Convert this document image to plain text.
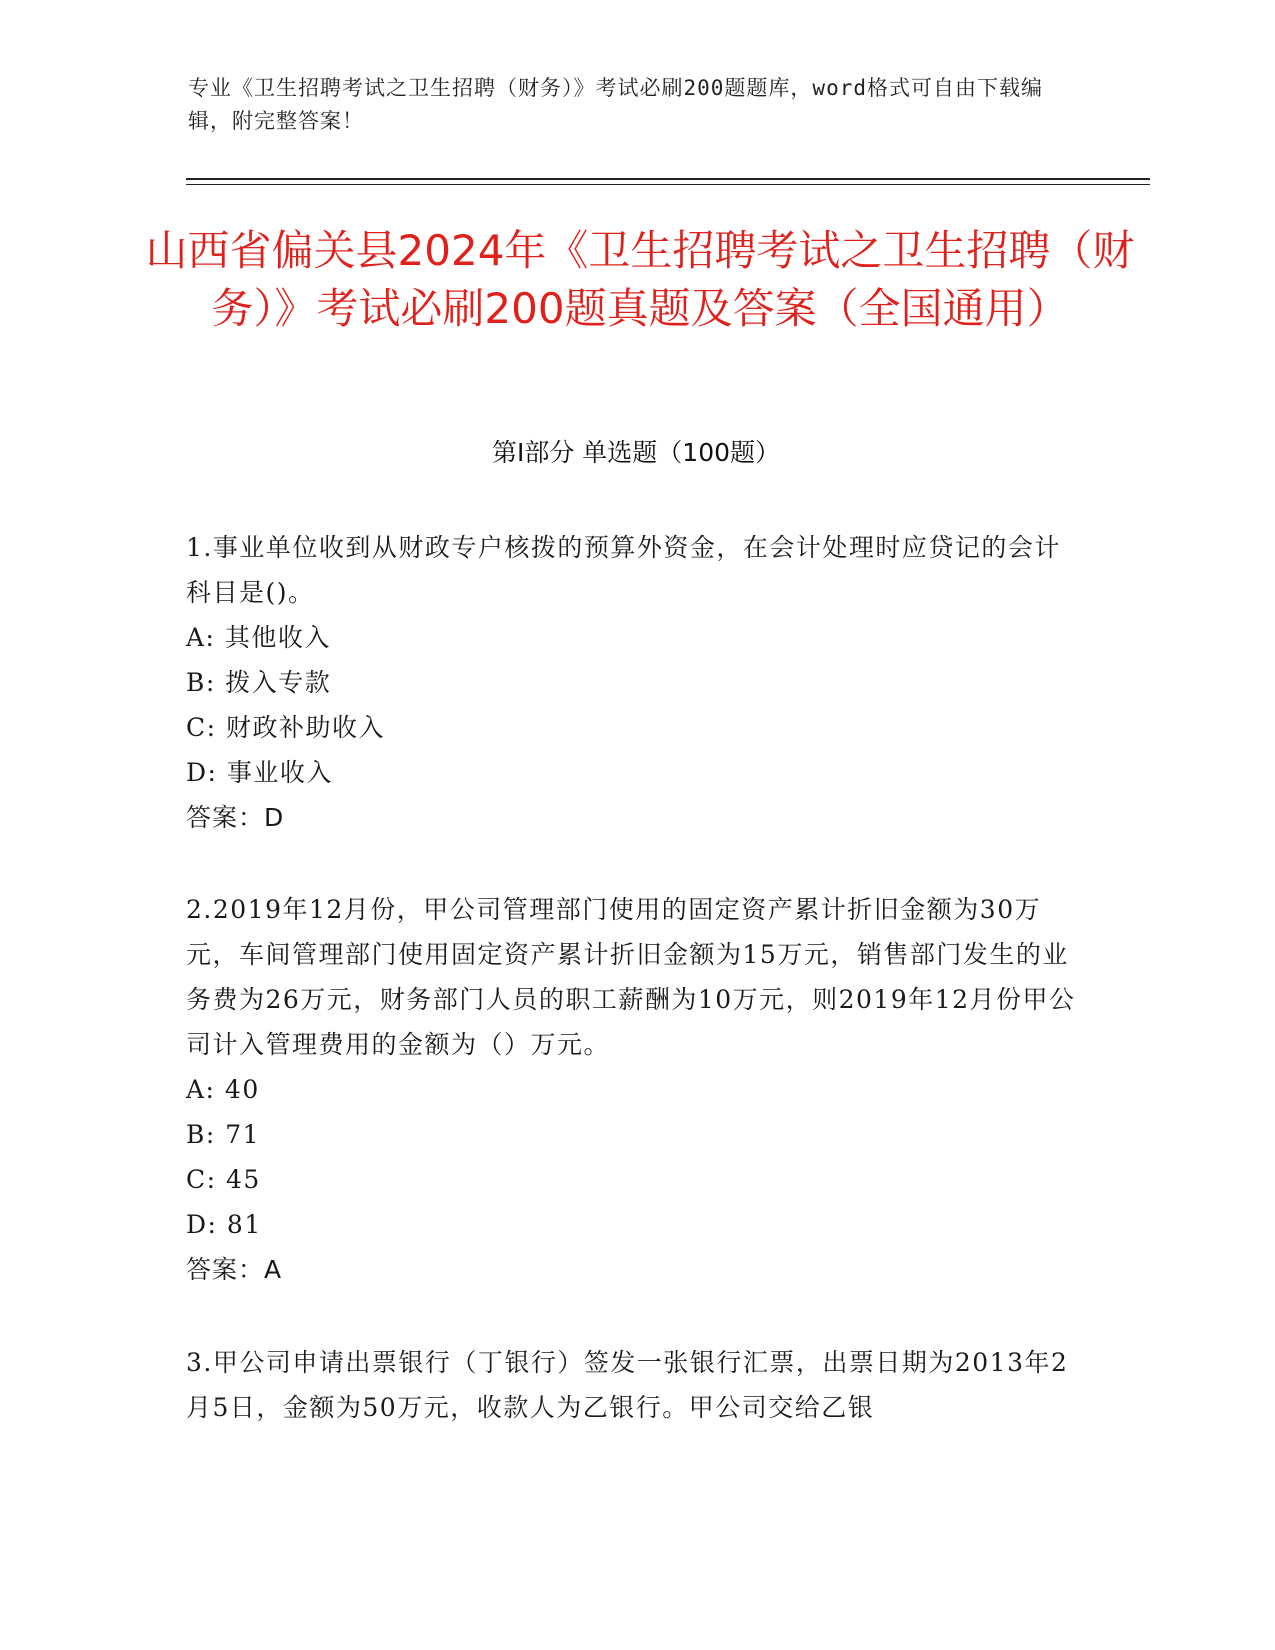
专业《卫生招聘考试之卫生招聘（财务）》考试必刷200题题库，word格式可自由下载编辑，附完整答案！
山西省偏关县2024年《卫生招聘考试之卫生招聘（财务）》考试必刷200题真题及答案（全国通用）
第Ⅰ部分 单选题（100题）

1.事业单位收到从财政专户核拨的预算外资金，在会计处理时应贷记的会计科目是()。

A: 其他收入

B: 拨入专款

C: 财政补助收入

D: 事业收入

答案：D

2.2019年12月份，甲公司管理部门使用的固定资产累计折旧金额为30万元，车间管理部门使用固定资产累计折旧金额为15万元，销售部门发生的业务费为26万元，财务部门人员的职工薪酬为10万元，则2019年12月份甲公司计入管理费用的金额为（）万元。

A: 40

B: 71

C: 45

D: 81

答案：A

3.甲公司申请出票银行（丁银行）签发一张银行汇票，出票日期为2013年2月5日，金额为50万元，收款人为乙银行。甲公司交给乙银
